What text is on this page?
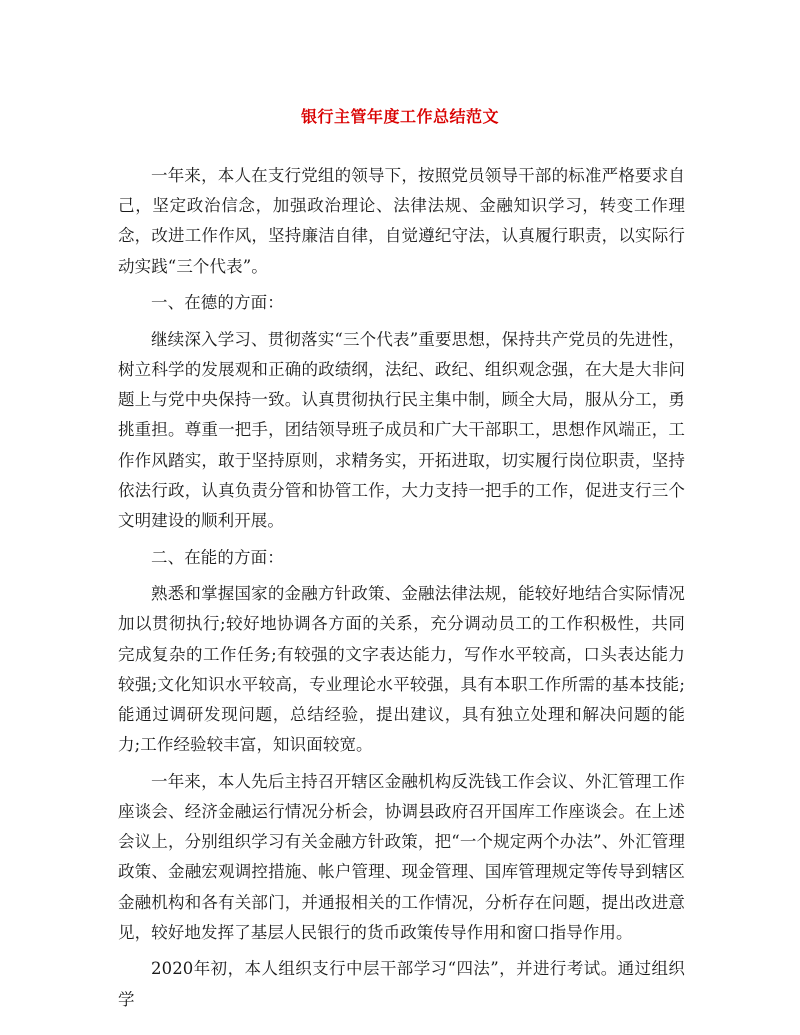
银行主管年度工作总结范文

一年来，本人在支行党组的领导下，按照党员领导干部的标准严格要求自己，坚定政治信念，加强政治理论、法律法规、金融知识学习，转变工作理念，改进工作作风，坚持廉洁自律，自觉遵纪守法，认真履行职责，以实际行动实践“三个代表”。

一、在德的方面：

继续深入学习、贯彻落实“三个代表”重要思想，保持共产党员的先进性，树立科学的发展观和正确的政绩纲，法纪、政纪、组织观念强，在大是大非问题上与党中央保持一致。认真贯彻执行民主集中制，顾全大局，服从分工，勇挑重担。尊重一把手，团结领导班子成员和广大干部职工，思想作风端正，工作作风踏实，敢于坚持原则，求精务实，开拓进取，切实履行岗位职责，坚持依法行政，认真负责分管和协管工作，大力支持一把手的工作，促进支行三个文明建设的顺利开展。

二、在能的方面：

熟悉和掌握国家的金融方针政策、金融法律法规，能较好地结合实际情况加以贯彻执行;较好地协调各方面的关系，充分调动员工的工作积极性，共同完成复杂的工作任务;有较强的文字表达能力，写作水平较高，口头表达能力较强;文化知识水平较高，专业理论水平较强，具有本职工作所需的基本技能;能通过调研发现问题，总结经验，提出建议，具有独立处理和解决问题的能力;工作经验较丰富，知识面较宽。

一年来，本人先后主持召开辖区金融机构反洗钱工作会议、外汇管理工作座谈会、经济金融运行情况分析会，协调县政府召开国库工作座谈会。在上述会议上，分别组织学习有关金融方针政策，把“一个规定两个办法”、外汇管理政策、金融宏观调控措施、帐户管理、现金管理、国库管理规定等传导到辖区金融机构和各有关部门，并通报相关的工作情况，分析存在问题，提出改进意见，较好地发挥了基层人民银行的货币政策传导作用和窗口指导作用。

2020年初，本人组织支行中层干部学习“四法”，并进行考试。通过组织学
